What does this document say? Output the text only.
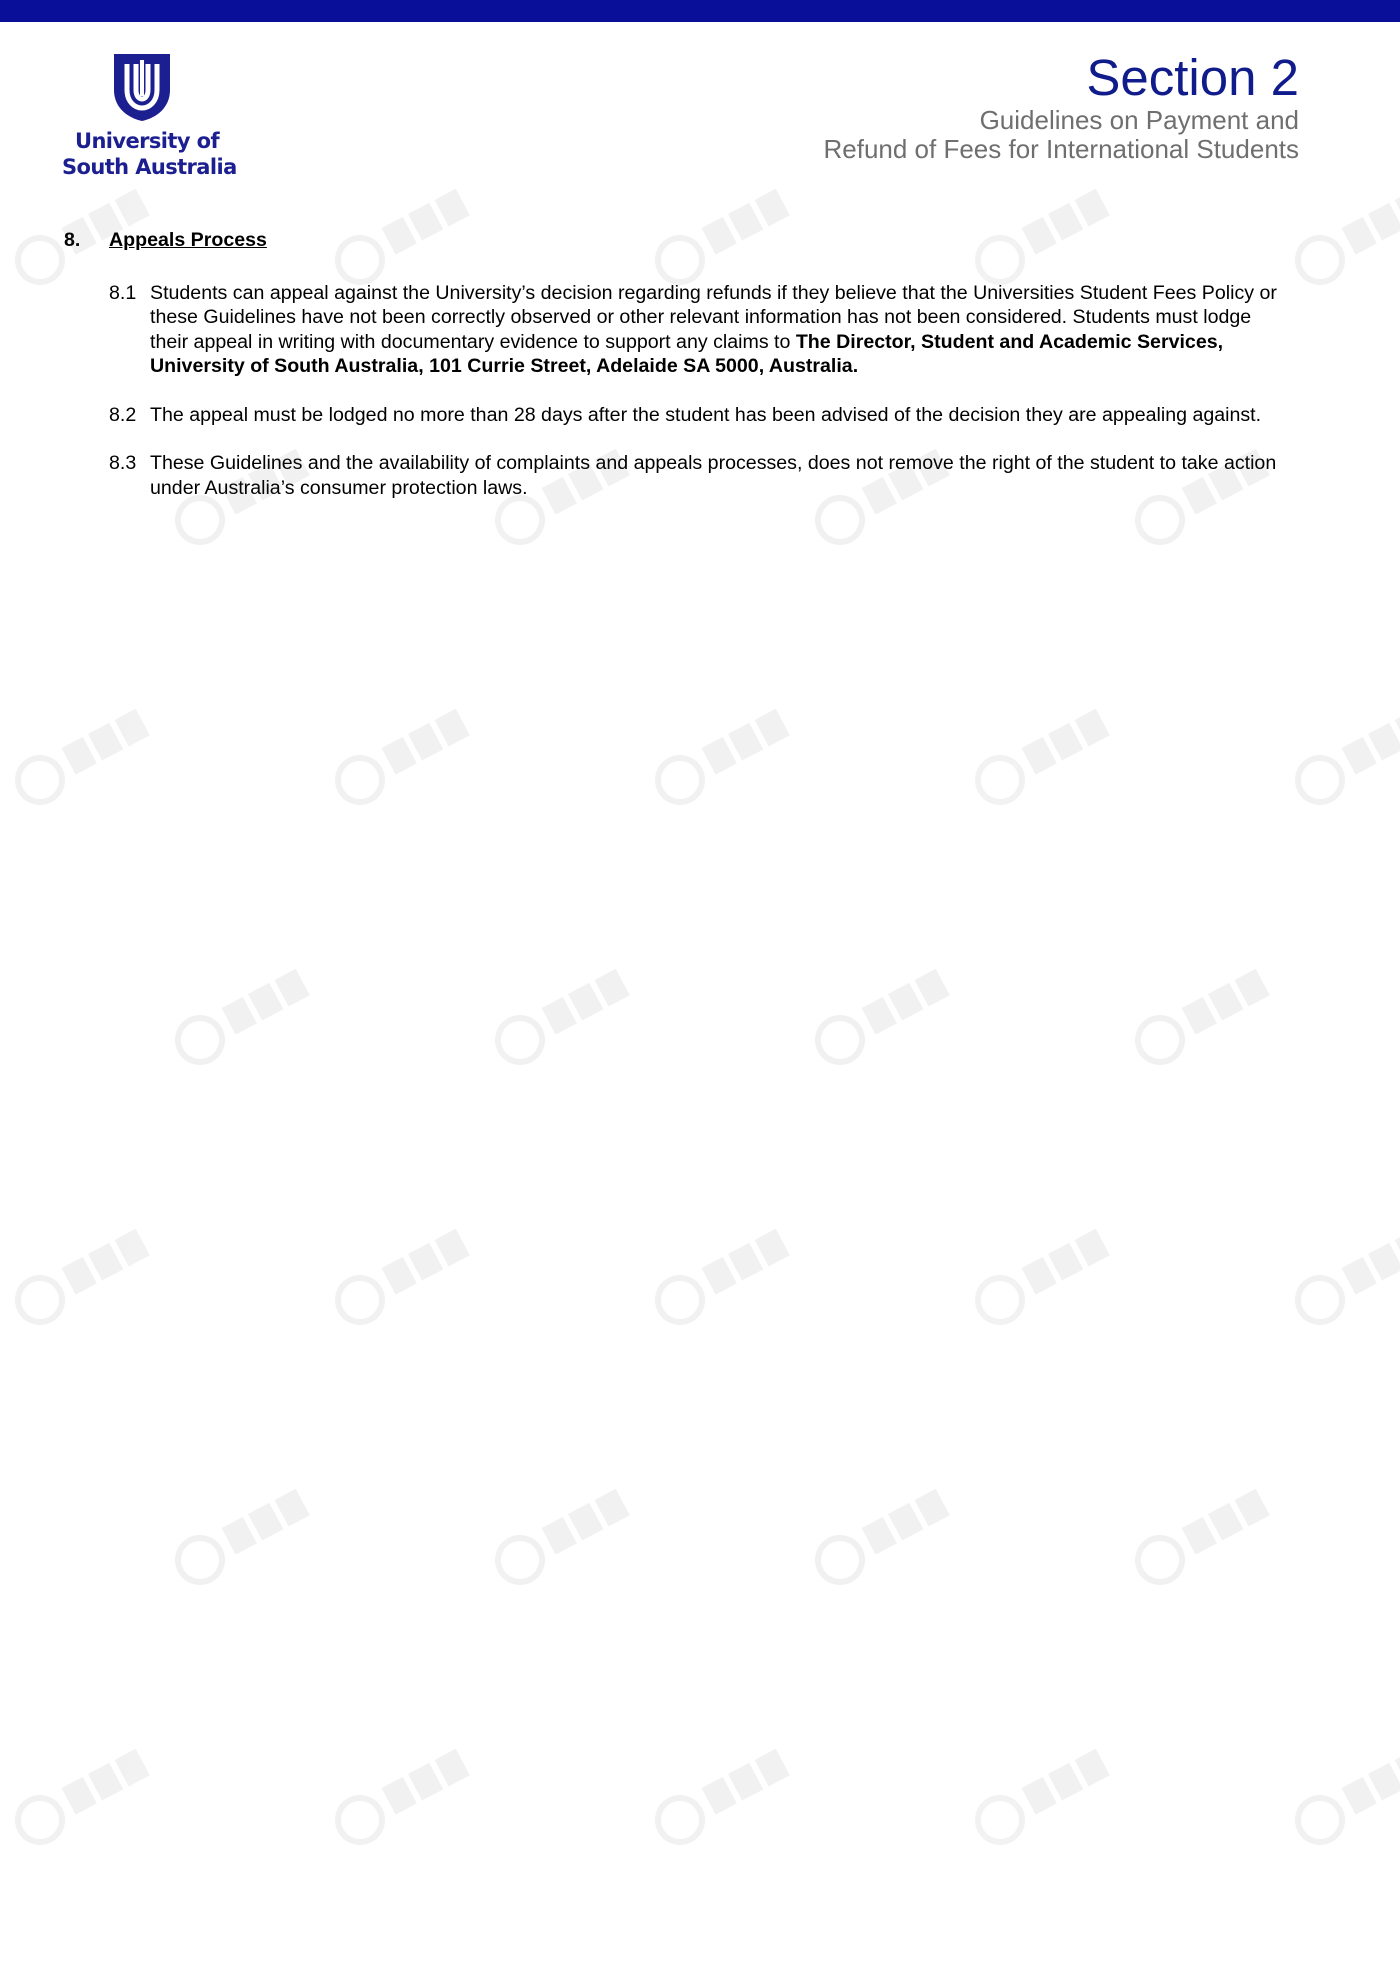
University of
South Australia
Section 2
Guidelines on Payment and
Refund of Fees for International Students
8.	Appeals Process
8.1 Students can appeal against the University’s decision regarding refunds if they believe that the Universities Student Fees Policy or these Guidelines have not been correctly observed or other relevant information has not been considered. Students must lodge their appeal in writing with documentary evidence to support any claims to The Director, Student and Academic Services, University of South Australia, 101 Currie Street, Adelaide SA 5000, Australia.
8.2 The appeal must be lodged no more than 28 days after the student has been advised of the decision they are appealing against.
8.3 These Guidelines and the availability of complaints and appeals processes, does not remove the right of the student to take action under Australia’s consumer protection laws.
